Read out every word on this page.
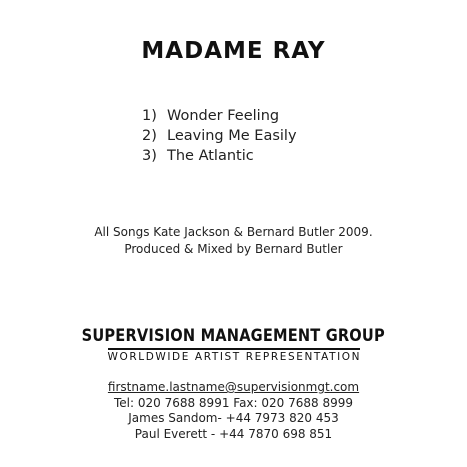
MADAME RAY
1) Wonder Feeling
2) Leaving Me Easily
3) The Atlantic
All Songs Kate Jackson & Bernard Butler 2009.
Produced & Mixed by Bernard Butler
SUPERVISION MANAGEMENT GROUP
WORLDWIDE ARTIST REPRESENTATION
firstname.lastname@supervisionmgt.com
Tel: 020 7688 8991 Fax: 020 7688 8999
James Sandom- +44 7973 820 453
Paul Everett - +44 7870 698 851
